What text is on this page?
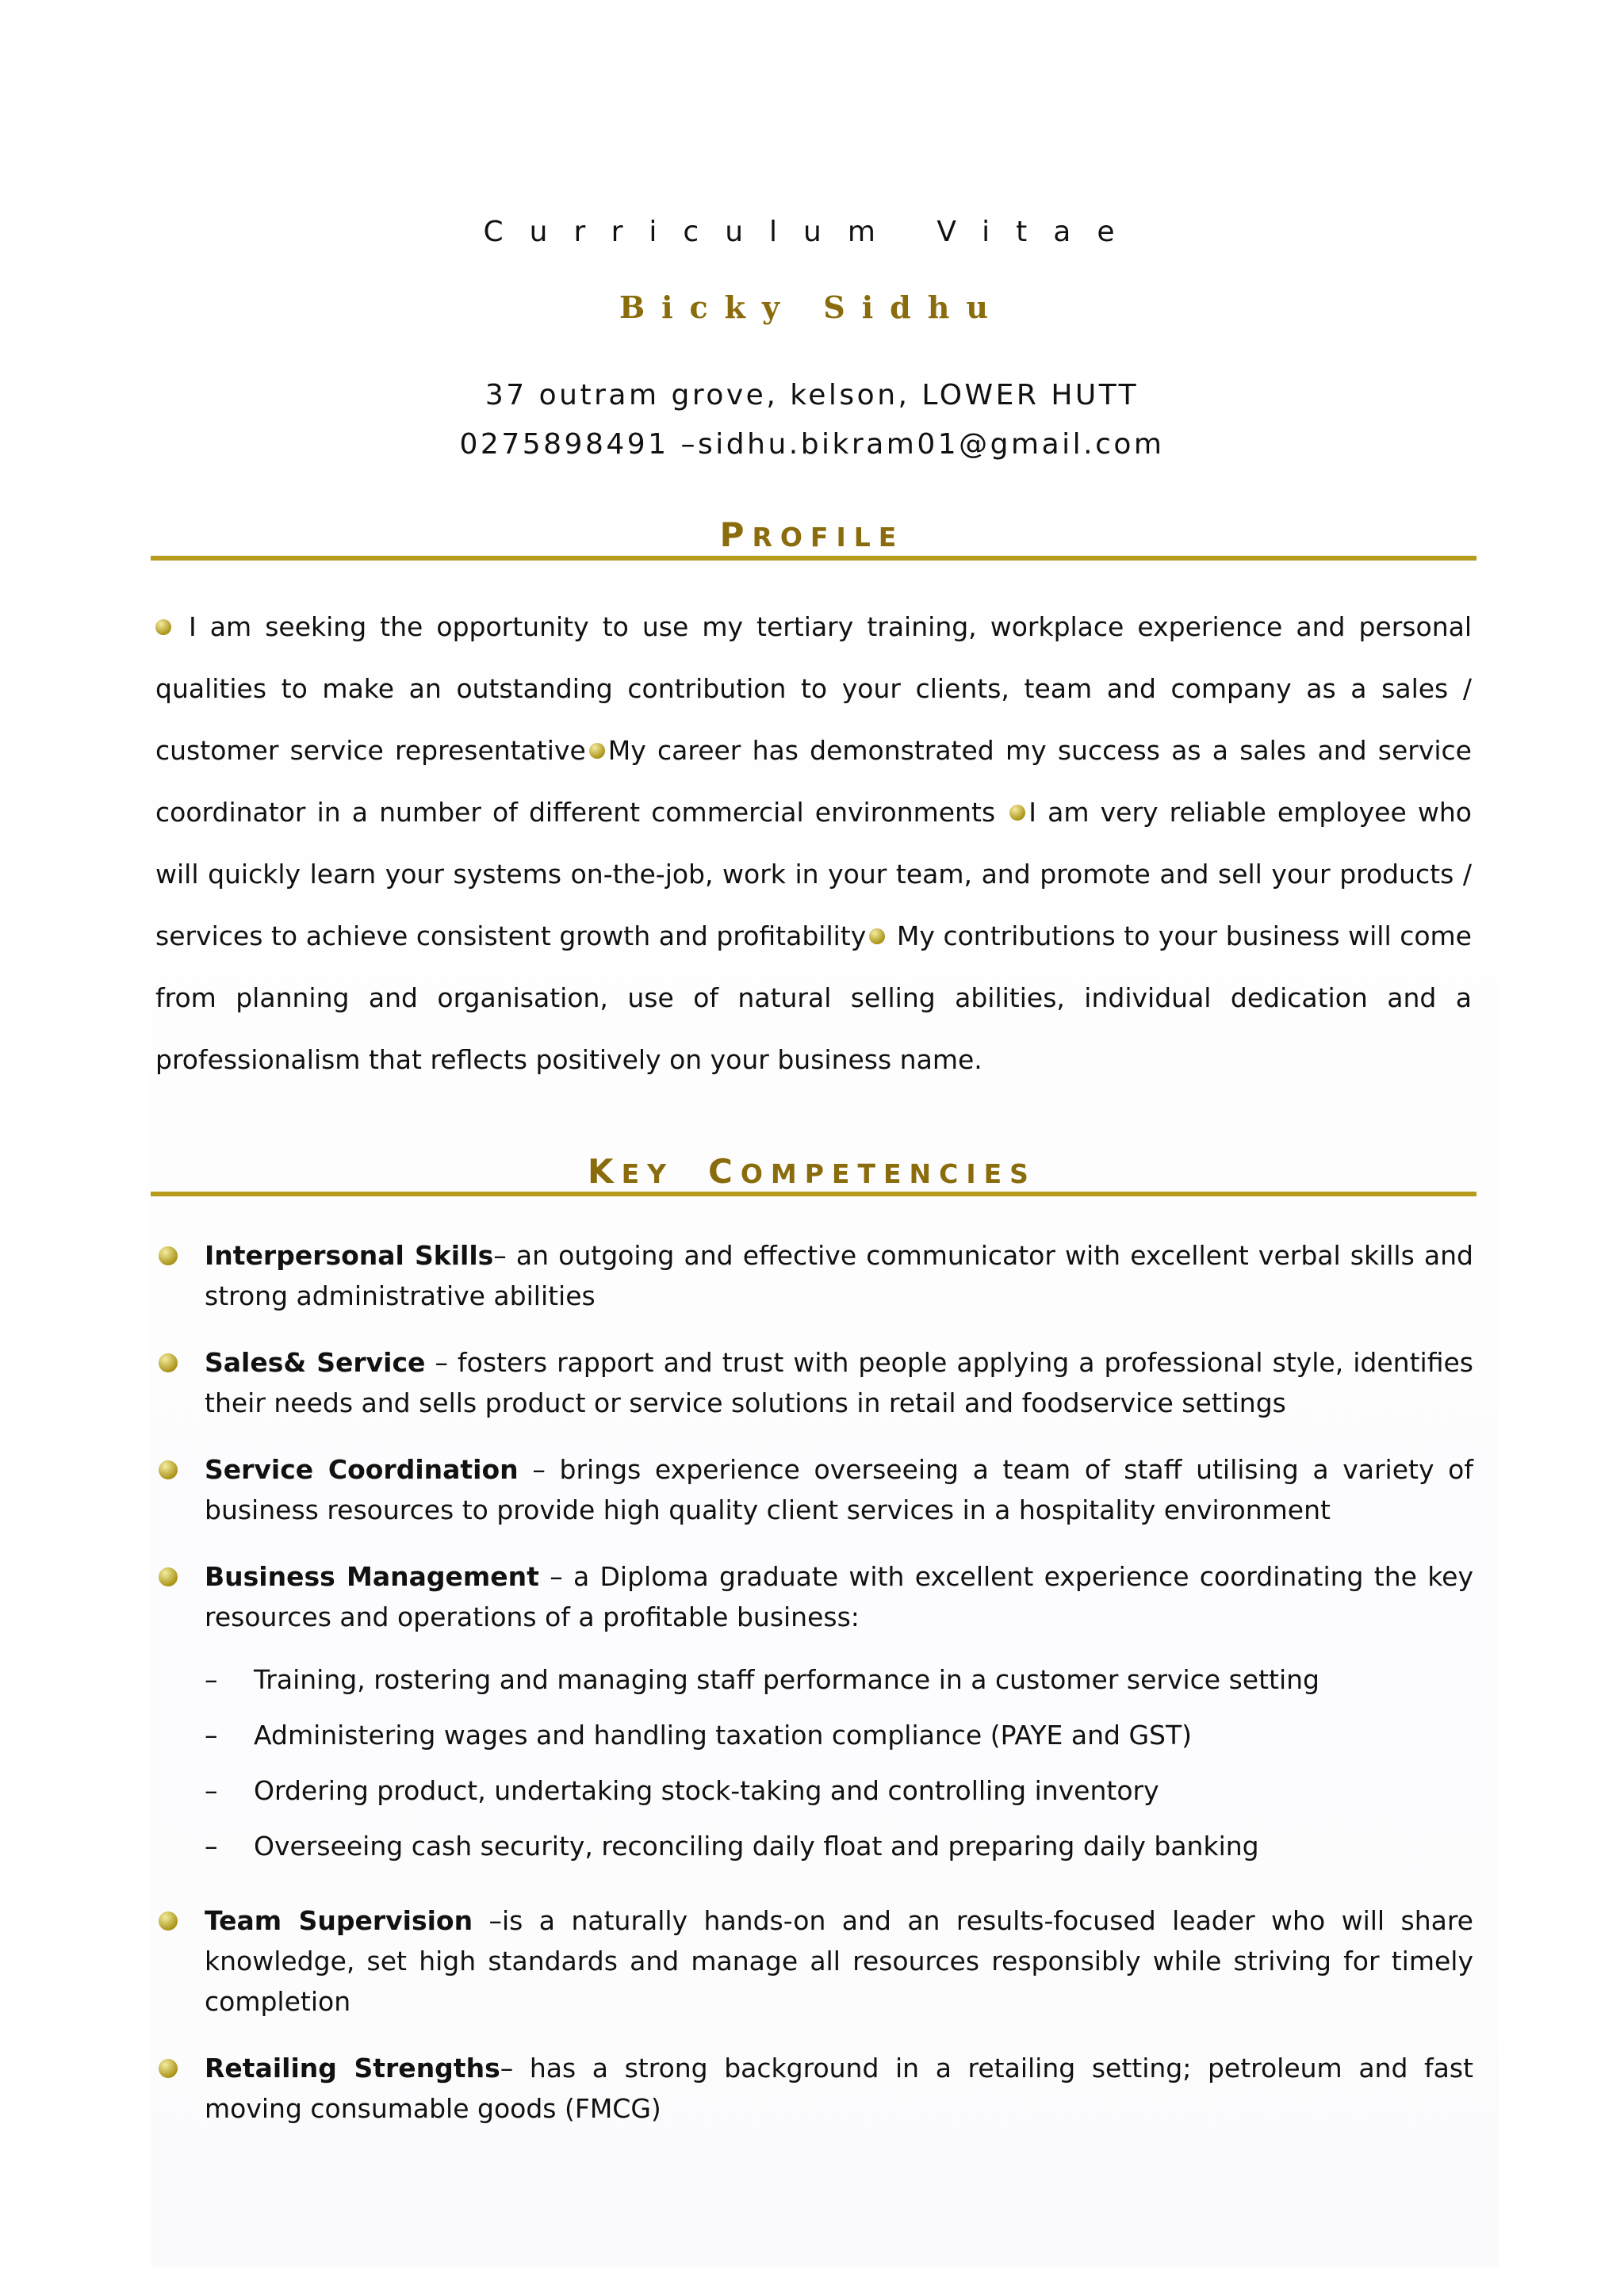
Curriculum Vitae
Bicky Sidhu
37 outram grove, kelson, LOWER HUTT
0275898491 –sidhu.bikram01@gmail.com
PROFILE
I am seeking the opportunity to use my tertiary training, workplace experience and personal qualities to make an outstanding contribution to your clients, team and company as a sales / customer service representative My career has demonstrated my success as a sales and service coordinator in a number of different commercial environments I am very reliable employee who will quickly learn your systems on-the-job, work in your team, and promote and sell your products / services to achieve consistent growth and profitability My contributions to your business will come from planning and organisation, use of natural selling abilities, individual dedication and a professionalism that reflects positively on your business name.
KEY COMPETENCIES
Interpersonal Skills– an outgoing and effective communicator with excellent verbal skills and strong administrative abilities
Sales& Service – fosters rapport and trust with people applying a professional style, identifies their needs and sells product or service solutions in retail and foodservice settings
Service Coordination – brings experience overseeing a team of staff utilising a variety of business resources to provide high quality client services in a hospitality environment
Business Management – a Diploma graduate with excellent experience coordinating the key resources and operations of a profitable business:
– Training, rostering and managing staff performance in a customer service setting
– Administering wages and handling taxation compliance (PAYE and GST)
– Ordering product, undertaking stock-taking and controlling inventory
– Overseeing cash security, reconciling daily float and preparing daily banking
Team Supervision –is a naturally hands-on and an results-focused leader who will share knowledge, set high standards and manage all resources responsibly while striving for timely completion
Retailing Strengths– has a strong background in a retailing setting; petroleum and fast moving consumable goods (FMCG)
